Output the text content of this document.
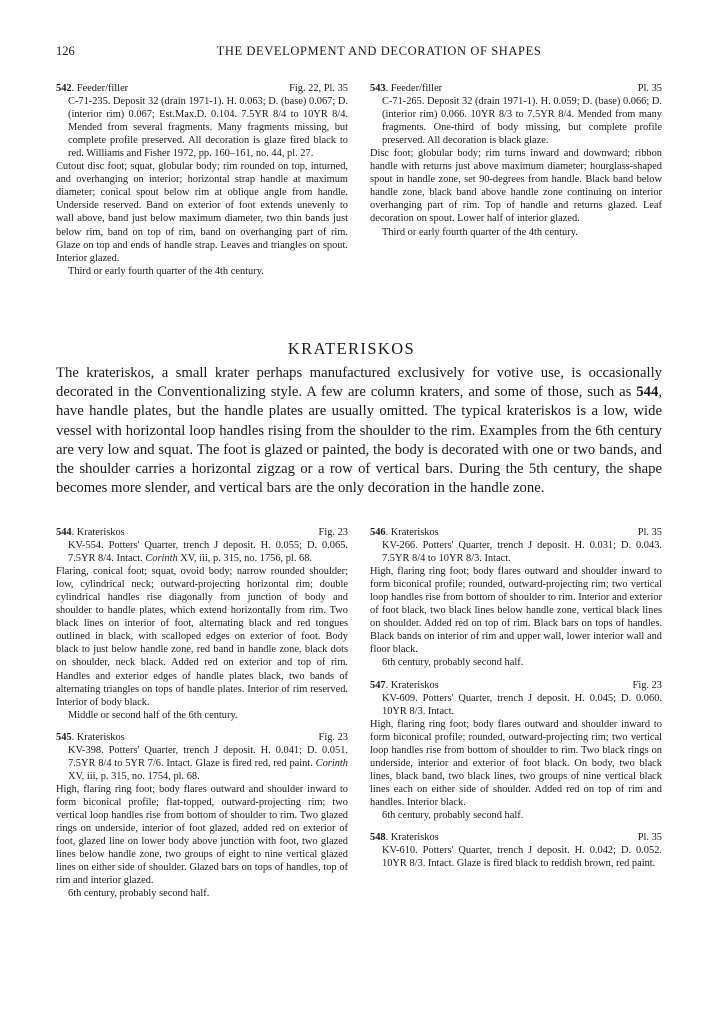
126	THE DEVELOPMENT AND DECORATION OF SHAPES
542. Feeder/filler	Fig. 22, Pl. 35
C-71-235. Deposit 32 (drain 1971-1). H. 0.063; D. (base) 0.067; D. (interior rim) 0.067; Est.Max.D. 0.104. 7.5YR 8/4 to 10YR 8/4. Mended from several fragments. Many fragments missing, but complete profile preserved. All decoration is glaze fired black to red. Williams and Fisher 1972, pp. 160–161, no. 44, pl. 27.
Cutout disc foot; squat, globular body; rim rounded on top, inturned, and overhanging on interior; horizontal strap handle at maximum diameter; conical spout below rim at oblique angle from handle. Underside reserved. Band on exterior of foot extends unevenly to wall above, band just below maximum diameter, two thin bands just below rim, band on top of rim, band on overhanging part of rim. Glaze on top and ends of handle strap. Leaves and triangles on spout. Interior glazed.
Third or early fourth quarter of the 4th century.
543. Feeder/filler	Pl. 35
C-71-265. Deposit 32 (drain 1971-1). H. 0.059; D. (base) 0.066; D. (interior rim) 0.066. 10YR 8/3 to 7.5YR 8/4. Mended from many fragments. One-third of body missing, but complete profile preserved. All decoration is black glaze.
Disc foot; globular body; rim turns inward and downward; ribbon handle with returns just above maximum diameter; hourglass-shaped spout in handle zone, set 90-degrees from handle. Black band below handle zone, black band above handle zone continuing on interior overhanging part of rim. Top of handle and returns glazed. Leaf decoration on spout. Lower half of interior glazed.
Third or early fourth quarter of the 4th century.
KRATERISKOS
The krateriskos, a small krater perhaps manufactured exclusively for votive use, is occasionally decorated in the Conventionalizing style. A few are column kraters, and some of those, such as 544, have handle plates, but the handle plates are usually omitted. The typical krateriskos is a low, wide vessel with horizontal loop handles rising from the shoulder to the rim. Examples from the 6th century are very low and squat. The foot is glazed or painted, the body is decorated with one or two bands, and the shoulder carries a horizontal zigzag or a row of vertical bars. During the 5th century, the shape becomes more slender, and vertical bars are the only decoration in the handle zone.
544. Krateriskos	Fig. 23
KV-554. Potters' Quarter, trench J deposit. H. 0.055; D. 0.065. 7.5YR 8/4. Intact. Corinth XV, iii, p. 315, no. 1756, pl. 68.
Flaring, conical foot; squat, ovoid body; narrow rounded shoulder; low, cylindrical neck; outward-projecting horizontal rim; double cylindrical handles rise diagonally from junction of body and shoulder to handle plates, which extend horizontally from rim. Two black lines on interior of foot, alternating black and red tongues outlined in black, with scalloped edges on exterior of foot. Body black to just below handle zone, red band in handle zone, black dots on shoulder, neck black. Added red on exterior and top of rim. Handles and exterior edges of handle plates black, two bands of alternating triangles on tops of handle plates. Interior of rim reserved. Interior of body black.
Middle or second half of the 6th century.
545. Krateriskos	Fig. 23
KV-398. Potters' Quarter, trench J deposit. H. 0.041; D. 0.051. 7.5YR 8/4 to 5YR 7/6. Intact. Glaze is fired red, red paint. Corinth XV, iii, p. 315, no. 1754, pl. 68.
High, flaring ring foot; body flares outward and shoulder inward to form biconical profile; flat-topped, outward-projecting rim; two vertical loop handles rise from bottom of shoulder to rim. Two glazed rings on underside, interior of foot glazed, added red on exterior of foot, glazed line on lower body above junction with foot, two glazed lines below handle zone, two groups of eight to nine vertical glazed lines on either side of shoulder. Glazed bars on tops of handles, top of rim and interior glazed.
6th century, probably second half.
546. Krateriskos	Pl. 35
KV-266. Potters' Quarter, trench J deposit. H. 0.031; D. 0.043. 7.5YR 8/4 to 10YR 8/3. Intact.
High, flaring ring foot; body flares outward and shoulder inward to form biconical profile; rounded, outward-projecting rim; two vertical loop handles rise from bottom of shoulder to rim. Interior and exterior of foot black, two black lines below handle zone, vertical black lines on shoulder. Added red on top of rim. Black bars on tops of handles. Black bands on interior of rim and upper wall, lower interior wall and floor black.
6th century, probably second half.
547. Krateriskos	Fig. 23
KV-609. Potters' Quarter, trench J deposit. H. 0.045; D. 0.060. 10YR 8/3. Intact.
High, flaring ring foot; body flares outward and shoulder inward to form biconical profile; rounded, outward-projecting rim; two vertical loop handles rise from bottom of shoulder to rim. Two black rings on underside, interior and exterior of foot black. On body, two black lines, black band, two black lines, two groups of nine vertical black lines each on either side of shoulder. Added red on top of rim and handles. Interior black.
6th century, probably second half.
548. Krateriskos	Pl. 35
KV-610. Potters' Quarter, trench J deposit. H. 0.042; D. 0.052. 10YR 8/3. Intact. Glaze is fired black to reddish brown, red paint.
